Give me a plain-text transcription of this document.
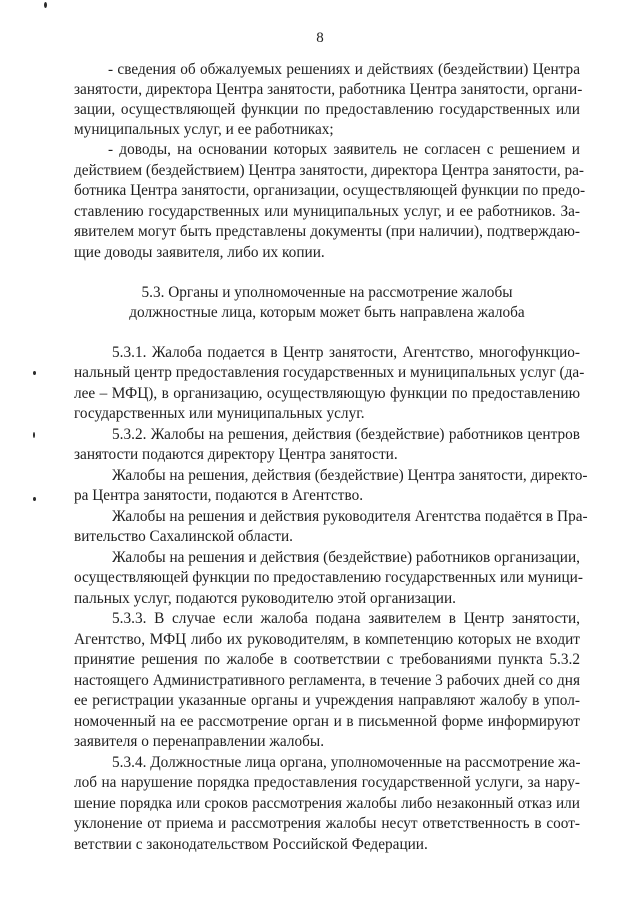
8
- сведения об обжалуемых решениях и действиях (бездействии) Центра
занятости, директора Центра занятости, работника Центра занятости, органи-
зации, осуществляющей функции по предоставлению государственных или
муниципальных услуг, и ее работниках;
- доводы, на основании которых заявитель не согласен с решением и
действием (бездействием) Центра занятости, директора Центра занятости, ра-
ботника Центра занятости, организации, осуществляющей функции по предо-
ставлению государственных или муниципальных услуг, и ее работников. За-
явителем могут быть представлены документы (при наличии), подтверждаю-
щие доводы заявителя, либо их копии.
5.3. Органы и уполномоченные на рассмотрение жалобы
должностные лица, которым может быть направлена жалоба
5.3.1. Жалоба подается в Центр занятости, Агентство, многофункцио-
нальный центр предоставления государственных и муниципальных услуг (да-
лее – МФЦ), в организацию, осуществляющую функции по предоставлению
государственных или муниципальных услуг.
5.3.2. Жалобы на решения, действия (бездействие) работников центров
занятости подаются директору Центра занятости.
Жалобы на решения, действия (бездействие) Центра занятости, директо-
ра Центра занятости, подаются в Агентство.
Жалобы на решения и действия руководителя Агентства подаётся в Пра-
вительство Сахалинской области.
Жалобы на решения и действия (бездействие) работников организации,
осуществляющей функции по предоставлению государственных или муници-
пальных услуг, подаются руководителю этой организации.
5.3.3. В случае если жалоба подана заявителем в Центр занятости,
Агентство, МФЦ либо их руководителям, в компетенцию которых не входит
принятие решения по жалобе в соответствии с требованиями пункта 5.3.2
настоящего Административного регламента, в течение 3 рабочих дней со дня
ее регистрации указанные органы и учреждения направляют жалобу в упол-
номоченный на ее рассмотрение орган и в письменной форме информируют
заявителя о перенаправлении жалобы.
5.3.4. Должностные лица органа, уполномоченные на рассмотрение жа-
лоб на нарушение порядка предоставления государственной услуги, за нару-
шение порядка или сроков рассмотрения жалобы либо незаконный отказ или
уклонение от приема и рассмотрения жалобы несут ответственность в соот-
ветствии с законодательством Российской Федерации.
